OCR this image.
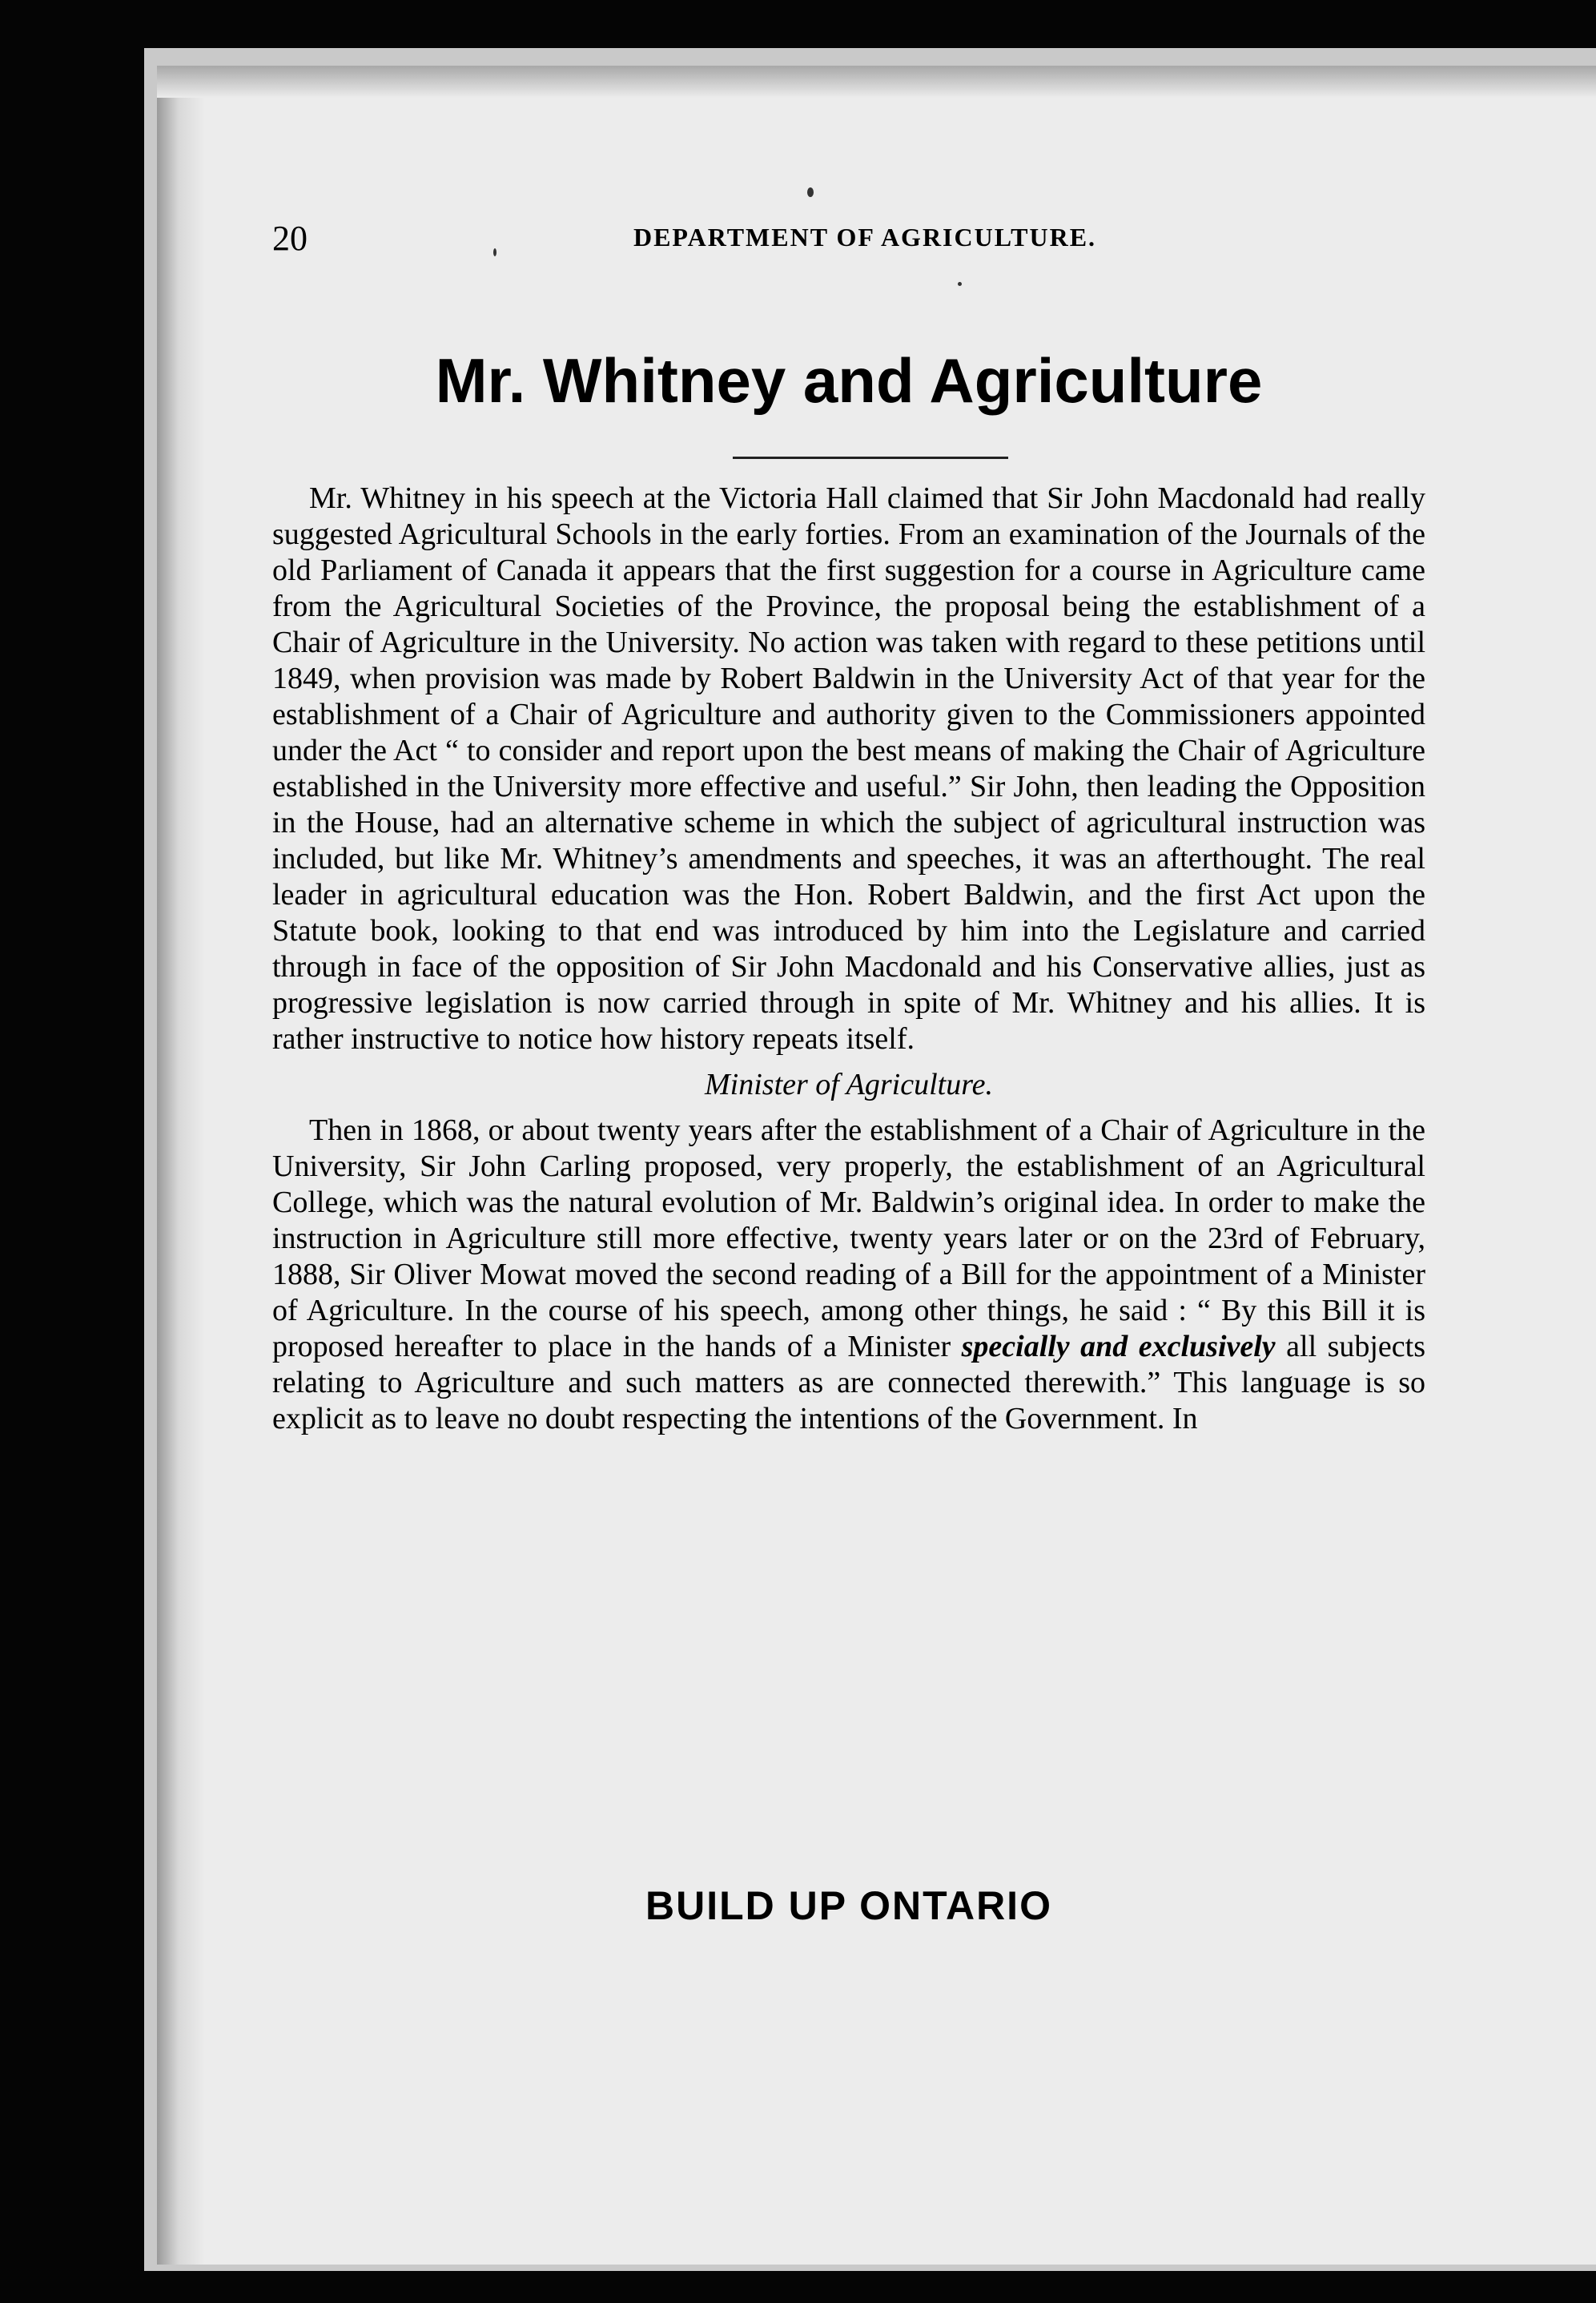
20	DEPARTMENT OF AGRICULTURE.
Mr. Whitney and Agriculture

Mr. Whitney in his speech at the Victoria Hall claimed that Sir John Macdonald had really suggested Agricultural Schools in the early forties. From an examination of the Journals of the old Parliament of Canada it appears that the first suggestion for a course in Agriculture came from the Agricultural Societies of the Province, the proposal being the establishment of a Chair of Agriculture in the University. No action was taken with regard to these petitions until 1849, when provision was made by Robert Baldwin in the University Act of that year for the establishment of a Chair of Agriculture and authority given to the Commissioners appointed under the Act “ to consider and report upon the best means of making the Chair of Agriculture established in the University more effective and useful.” Sir John, then leading the Opposition in the House, had an alternative scheme in which the subject of agricultural instruction was included, but like Mr. Whitney’s amendments and speeches, it was an afterthought. The real leader in agricultural education was the Hon. Robert Baldwin, and the first Act upon the Statute book, looking to that end was introduced by him into the Legislature and carried through in face of the opposition of Sir John Macdonald and his Conservative allies, just as progressive legislation is now carried through in spite of Mr. Whitney and his allies. It is rather instructive to notice how history repeats itself.

Minister of Agriculture.

Then in 1868, or about twenty years after the establishment of a Chair of Agriculture in the University, Sir John Carling proposed, very properly, the establishment of an Agricultural College, which was the natural evolution of Mr. Baldwin’s original idea. In order to make the instruction in Agriculture still more effective, twenty years later or on the 23rd of February, 1888, Sir Oliver Mowat moved the second reading of a Bill for the appointment of a Minister of Agriculture. In the course of his speech, among other things, he said : “ By this Bill it is proposed hereafter to place in the hands of a Minister specially and exclusively all subjects relating to Agriculture and such matters as are connected therewith.” This language is so explicit as to leave no doubt respecting the intentions of the Government. In

BUILD UP ONTARIO
